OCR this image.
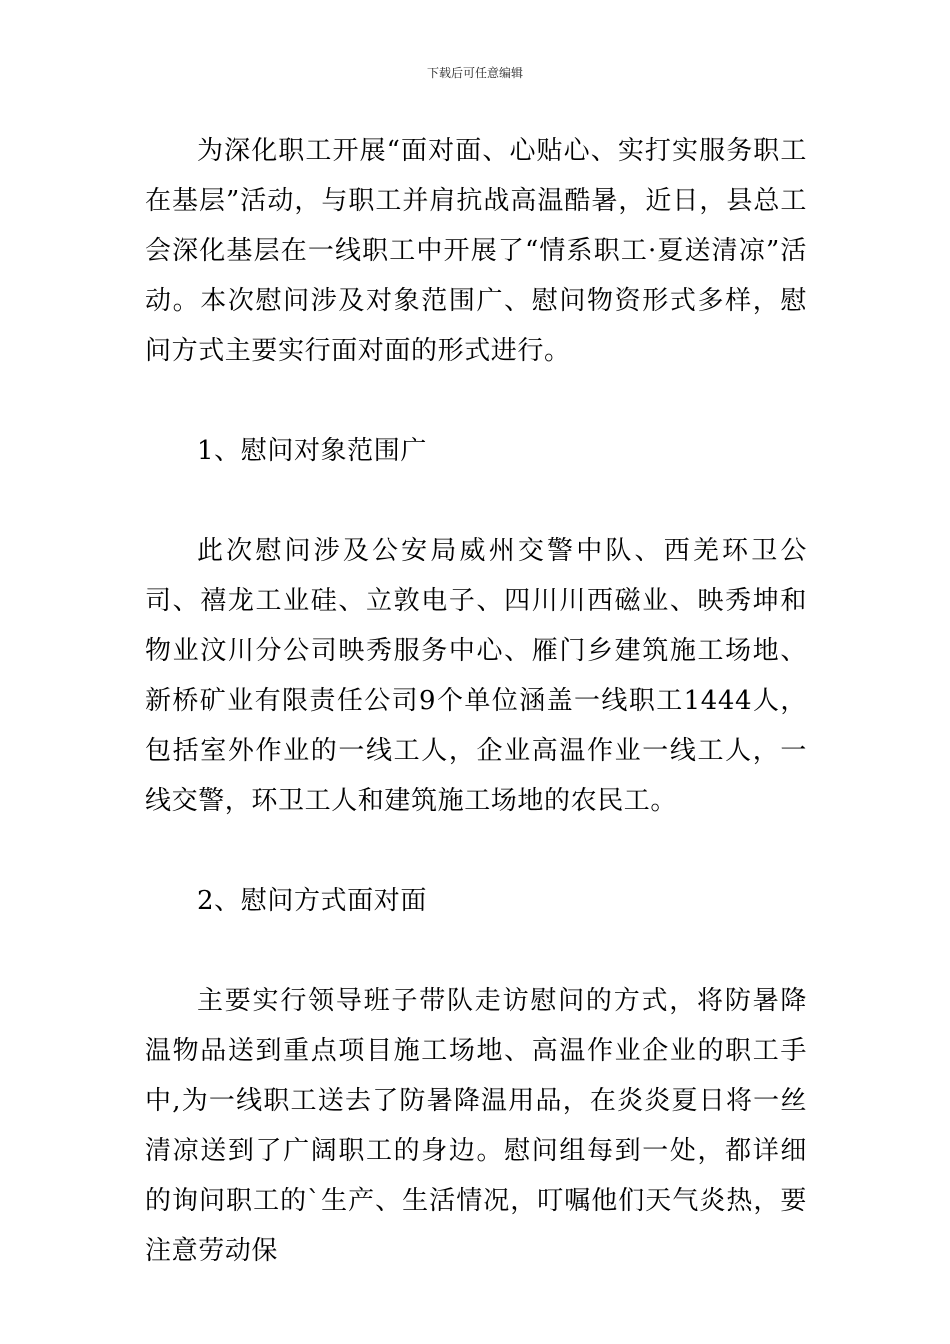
下载后可任意编辑

为深化职工开展“面对面、心贴心、实打实服务职工在基层”活动，与职工并肩抗战高温酷暑，近日，县总工会深化基层在一线职工中开展了“情系职工·夏送清凉”活动。本次慰问涉及对象范围广、慰问物资形式多样，慰问方式主要实行面对面的形式进行。

1、慰问对象范围广

此次慰问涉及公安局威州交警中队、西羌环卫公司、禧龙工业硅、立敦电子、四川川西磁业、映秀坤和物业汶川分公司映秀服务中心、雁门乡建筑施工场地、新桥矿业有限责任公司9个单位涵盖一线职工1444人，包括室外作业的一线工人，企业高温作业一线工人，一线交警，环卫工人和建筑施工场地的农民工。

2、慰问方式面对面

主要实行领导班子带队走访慰问的方式，将防暑降温物品送到重点项目施工场地、高温作业企业的职工手中,为一线职工送去了防暑降温用品，在炎炎夏日将一丝清凉送到了广阔职工的身边。慰问组每到一处，都详细的询问职工的`生产、生活情况，叮嘱他们天气炎热，要注意劳动保
